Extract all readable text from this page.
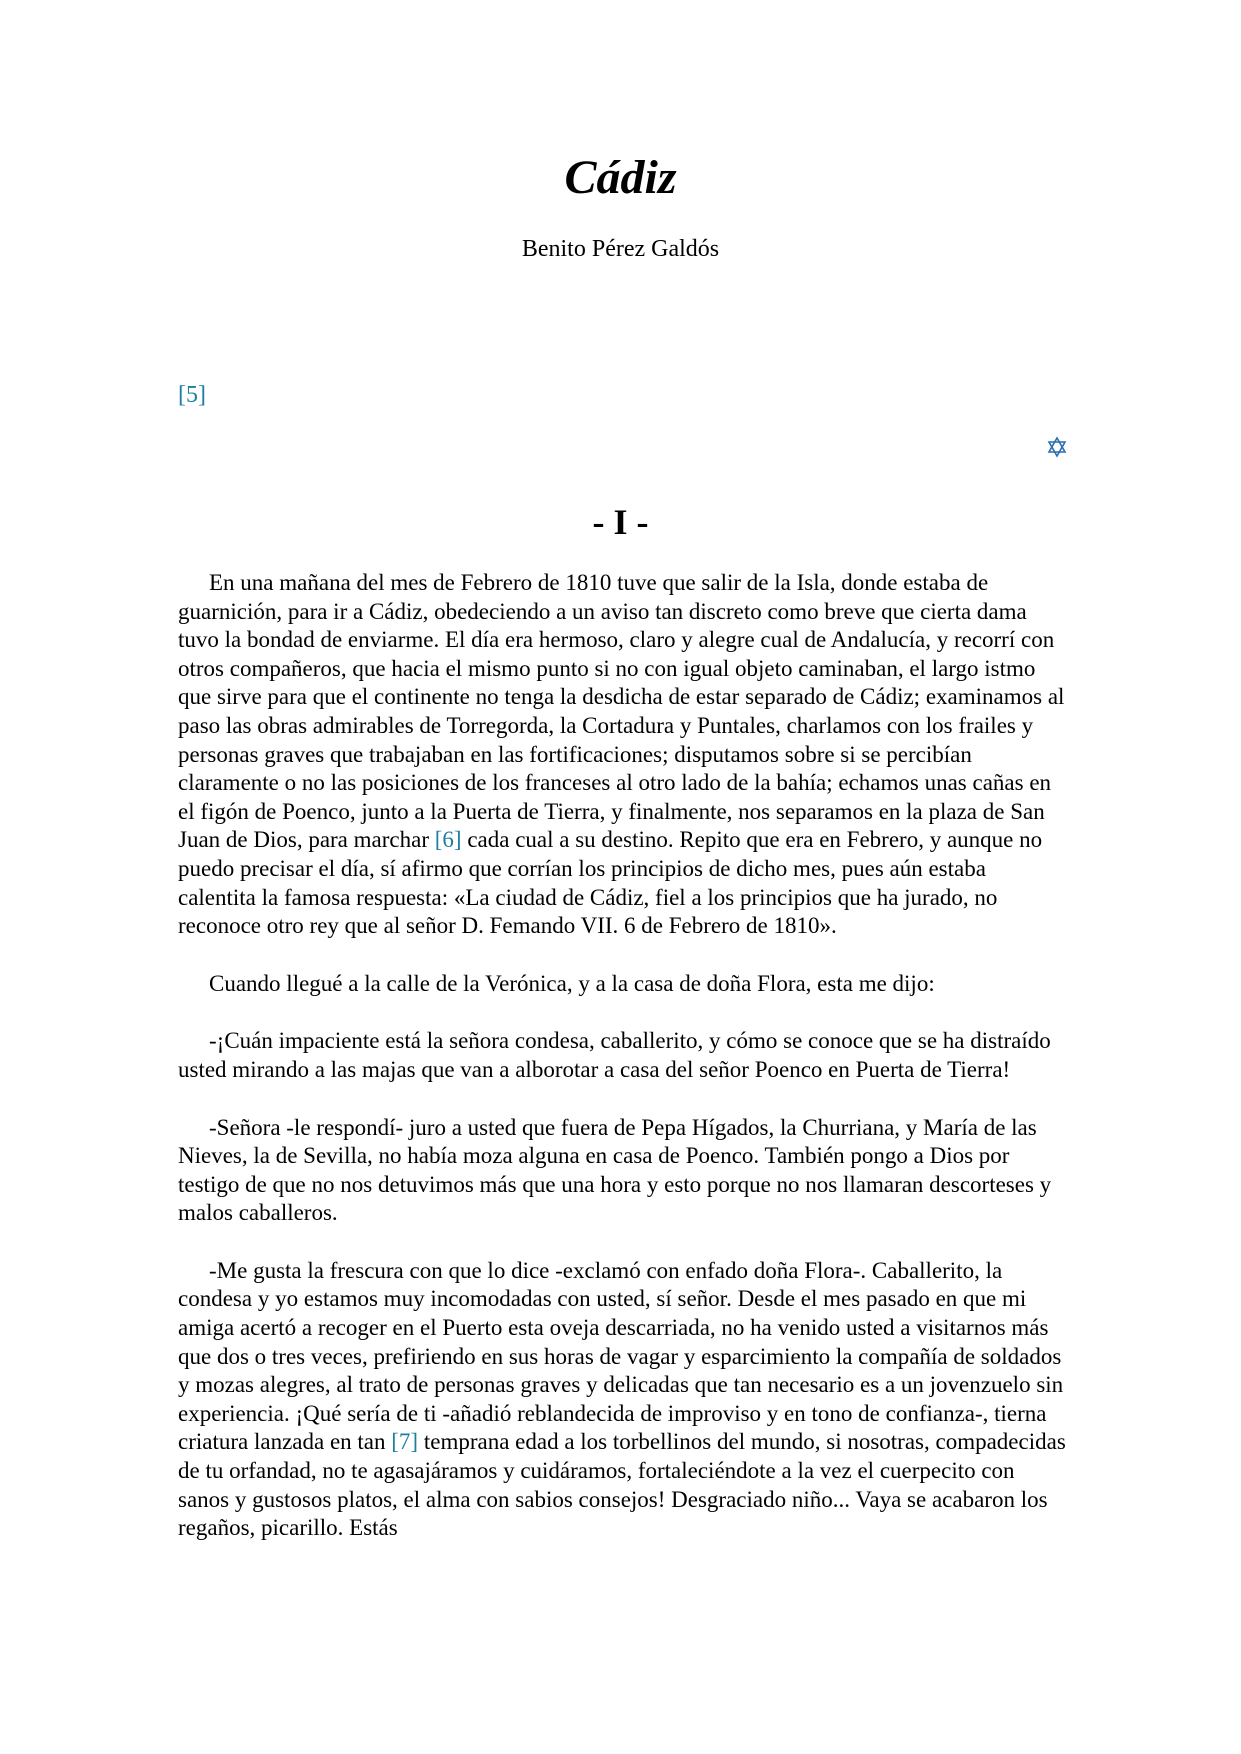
Cádiz
Benito Pérez Galdós
[5]
- I -

En una mañana del mes de Febrero de 1810 tuve que salir de la Isla, donde estaba de guarnición, para ir a Cádiz, obedeciendo a un aviso tan discreto como breve que cierta dama tuvo la bondad de enviarme. El día era hermoso, claro y alegre cual de Andalucía, y recorrí con otros compañeros, que hacia el mismo punto si no con igual objeto caminaban, el largo istmo que sirve para que el continente no tenga la desdicha de estar separado de Cádiz; examinamos al paso las obras admirables de Torregorda, la Cortadura y Puntales, charlamos con los frailes y personas graves que trabajaban en las fortificaciones; disputamos sobre si se percibían claramente o no las posiciones de los franceses al otro lado de la bahía; echamos unas cañas en el figón de Poenco, junto a la Puerta de Tierra, y finalmente, nos separamos en la plaza de San Juan de Dios, para marchar [6] cada cual a su destino. Repito que era en Febrero, y aunque no puedo precisar el día, sí afirmo que corrían los principios de dicho mes, pues aún estaba calentita la famosa respuesta: «La ciudad de Cádiz, fiel a los principios que ha jurado, no reconoce otro rey que al señor D. Femando VII. 6 de Febrero de 1810».

Cuando llegué a la calle de la Verónica, y a la casa de doña Flora, esta me dijo:

-¡Cuán impaciente está la señora condesa, caballerito, y cómo se conoce que se ha distraído usted mirando a las majas que van a alborotar a casa del señor Poenco en Puerta de Tierra!

-Señora -le respondí- juro a usted que fuera de Pepa Hígados, la Churriana, y María de las Nieves, la de Sevilla, no había moza alguna en casa de Poenco. También pongo a Dios por testigo de que no nos detuvimos más que una hora y esto porque no nos llamaran descorteses y malos caballeros.

-Me gusta la frescura con que lo dice -exclamó con enfado doña Flora-. Caballerito, la condesa y yo estamos muy incomodadas con usted, sí señor. Desde el mes pasado en que mi amiga acertó a recoger en el Puerto esta oveja descarriada, no ha venido usted a visitarnos más que dos o tres veces, prefiriendo en sus horas de vagar y esparcimiento la compañía de soldados y mozas alegres, al trato de personas graves y delicadas que tan necesario es a un jovenzuelo sin experiencia. ¡Qué sería de ti -añadió reblandecida de improviso y en tono de confianza-, tierna criatura lanzada en tan [7] temprana edad a los torbellinos del mundo, si nosotras, compadecidas de tu orfandad, no te agasajáramos y cuidáramos, fortaleciéndote a la vez el cuerpecito con sanos y gustosos platos, el alma con sabios consejos! Desgraciado niño... Vaya se acabaron los regaños, picarillo. Estás
